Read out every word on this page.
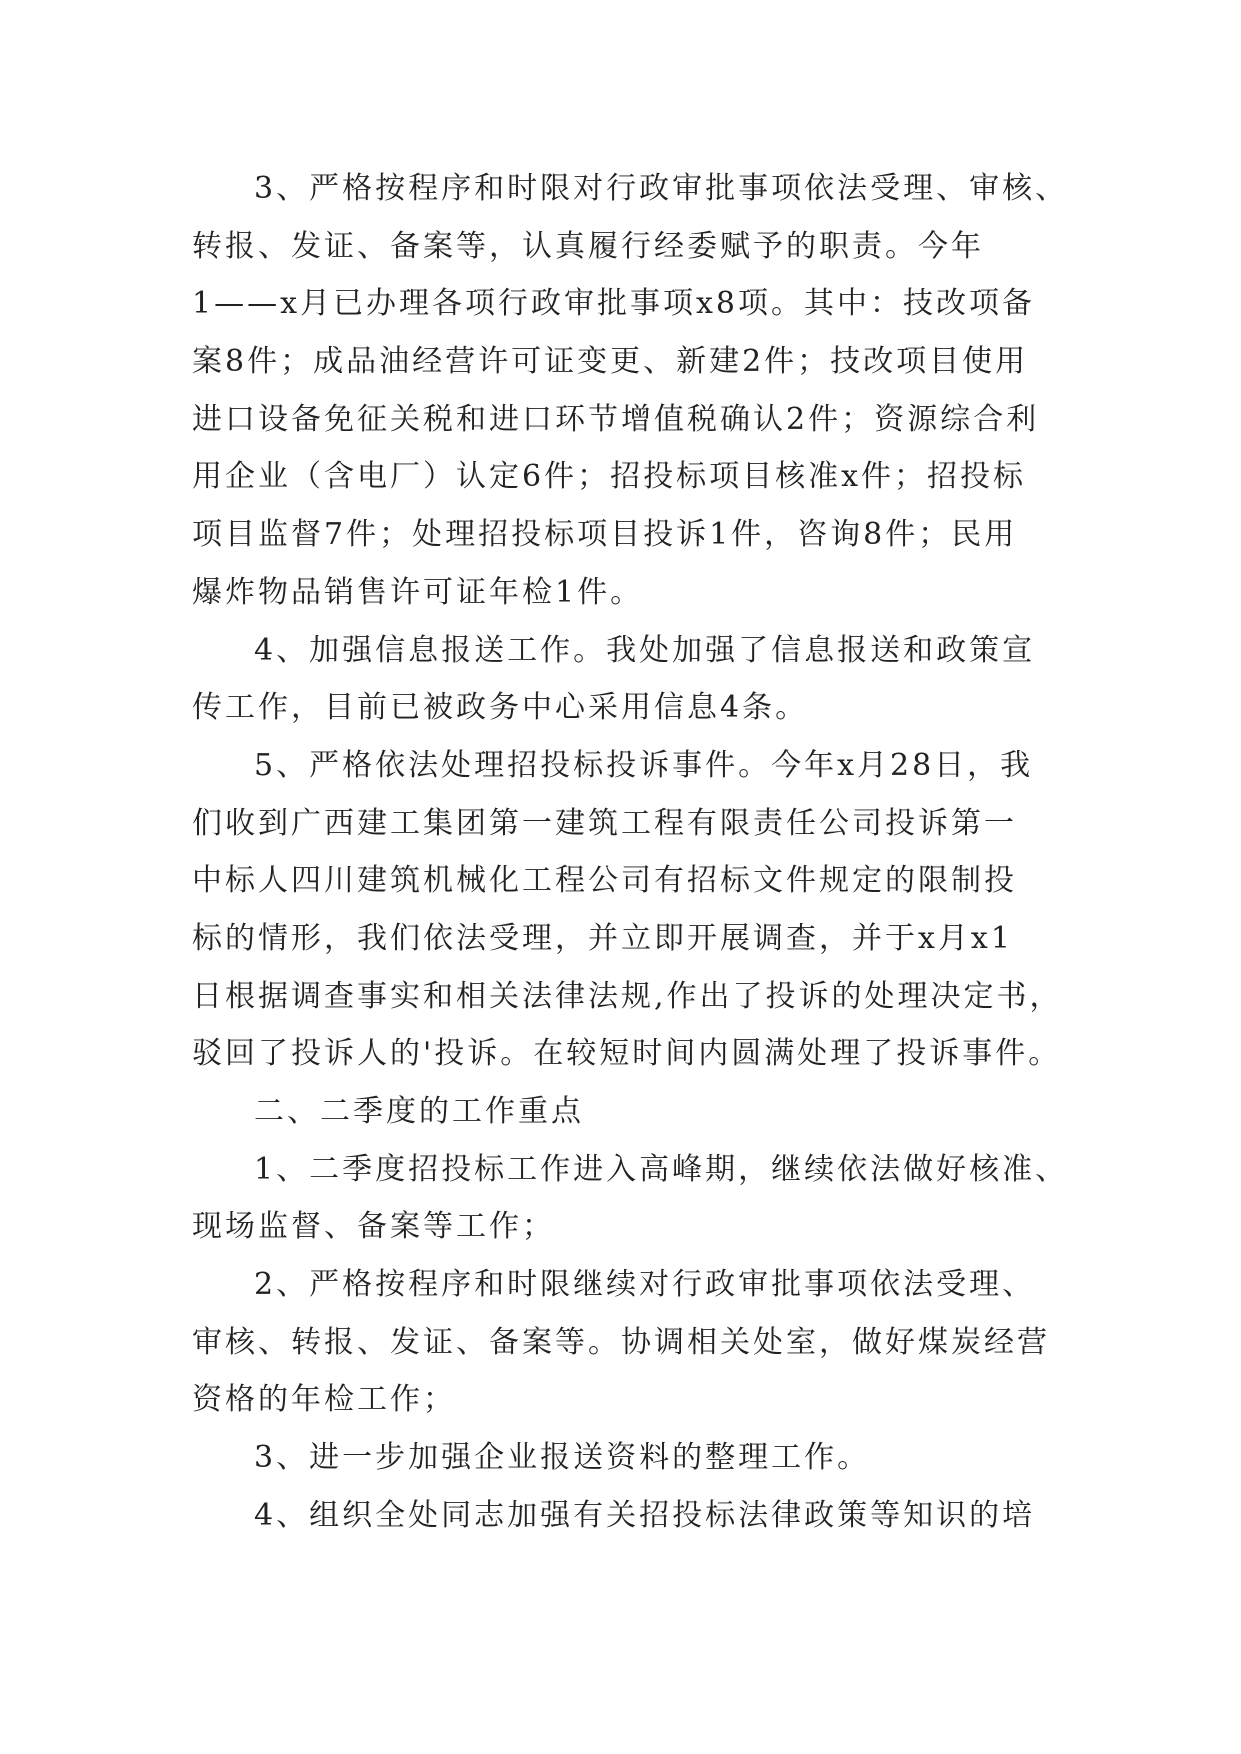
3、严格按程序和时限对行政审批事项依法受理、审核、
转报、发证、备案等，认真履行经委赋予的职责。今年
1——x月已办理各项行政审批事项x8项。其中：技改项备
案8件；成品油经营许可证变更、新建2件；技改项目使用
进口设备免征关税和进口环节增值税确认2件；资源综合利
用企业（含电厂）认定6件；招投标项目核准x件；招投标
项目监督7件；处理招投标项目投诉1件，咨询8件；民用
爆炸物品销售许可证年检1件。
4、加强信息报送工作。我处加强了信息报送和政策宣
传工作，目前已被政务中心采用信息4条。
5、严格依法处理招投标投诉事件。今年x月28日，我
们收到广西建工集团第一建筑工程有限责任公司投诉第一
中标人四川建筑机械化工程公司有招标文件规定的限制投
标的情形，我们依法受理，并立即开展调查，并于x月x1
日根据调查事实和相关法律法规,作出了投诉的处理决定书，
驳回了投诉人的'投诉。在较短时间内圆满处理了投诉事件。
二、二季度的工作重点
1、二季度招投标工作进入高峰期，继续依法做好核准、
现场监督、备案等工作；
2、严格按程序和时限继续对行政审批事项依法受理、
审核、转报、发证、备案等。协调相关处室，做好煤炭经营
资格的年检工作；
3、进一步加强企业报送资料的整理工作。
4、组织全处同志加强有关招投标法律政策等知识的培
